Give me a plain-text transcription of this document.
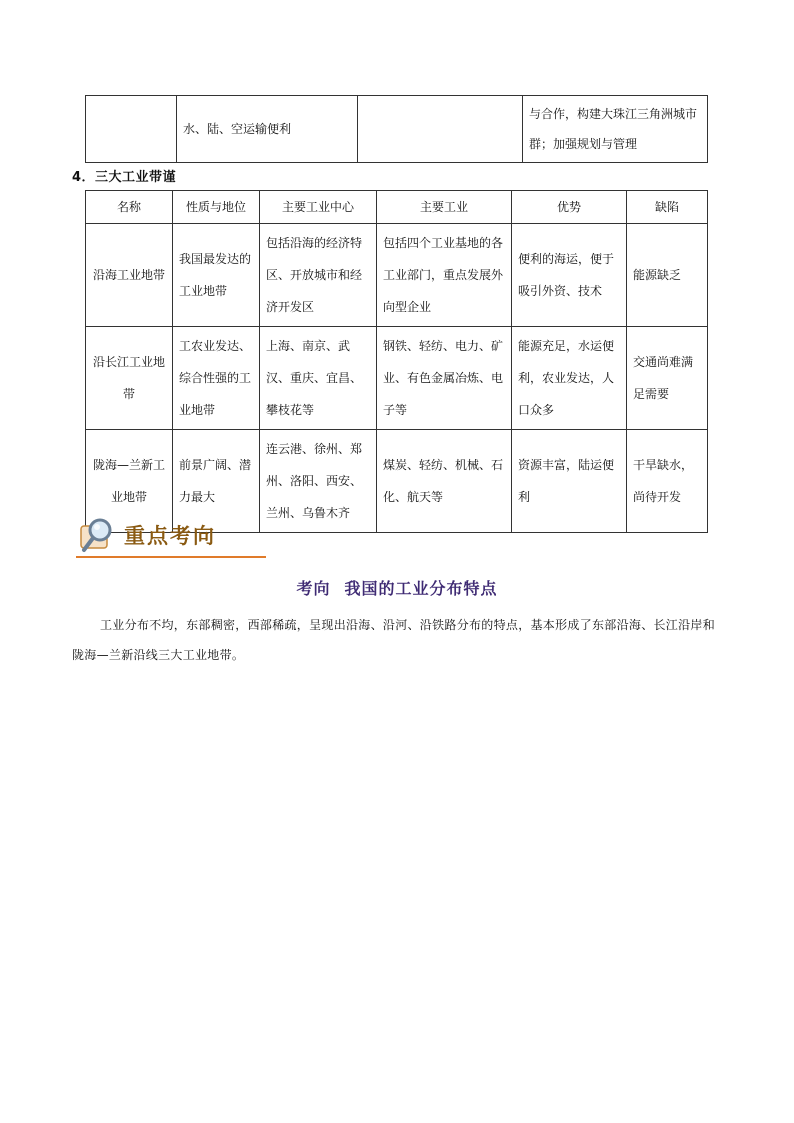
	水、陆、空运输便利		与合作，构建大珠江三角洲城市群；加强规划与管理
4．三大工业带谨
名称	性质与地位	主要工业中心	主要工业	优势	缺陷
沿海工业地带	我国最发达的工业地带	包括沿海的经济特区、开放城市和经济开发区	包括四个工业基地的各工业部门，重点发展外向型企业	便利的海运，便于吸引外资、技术	能源缺乏
沿长江工业地带	工农业发达、综合性强的工业地带	上海、南京、武汉、重庆、宜昌、攀枝花等	钢铁、轻纺、电力、矿业、有色金属冶炼、电子等	能源充足，水运便利，农业发达，人口众多	交通尚难满足需要
陇海—兰新工业地带	前景广阔、潜力最大	连云港、徐州、郑州、洛阳、西安、兰州、乌鲁木齐	煤炭、轻纺、机械、石化、航天等	资源丰富，陆运便利	干旱缺水，尚待开发
重点考向
考向 我国的工业分布特点
工业分布不均，东部稠密，西部稀疏，呈现出沿海、沿河、沿铁路分布的特点，基本形成了东部沿海、长江沿岸和陇海—兰新沿线三大工业地带。
